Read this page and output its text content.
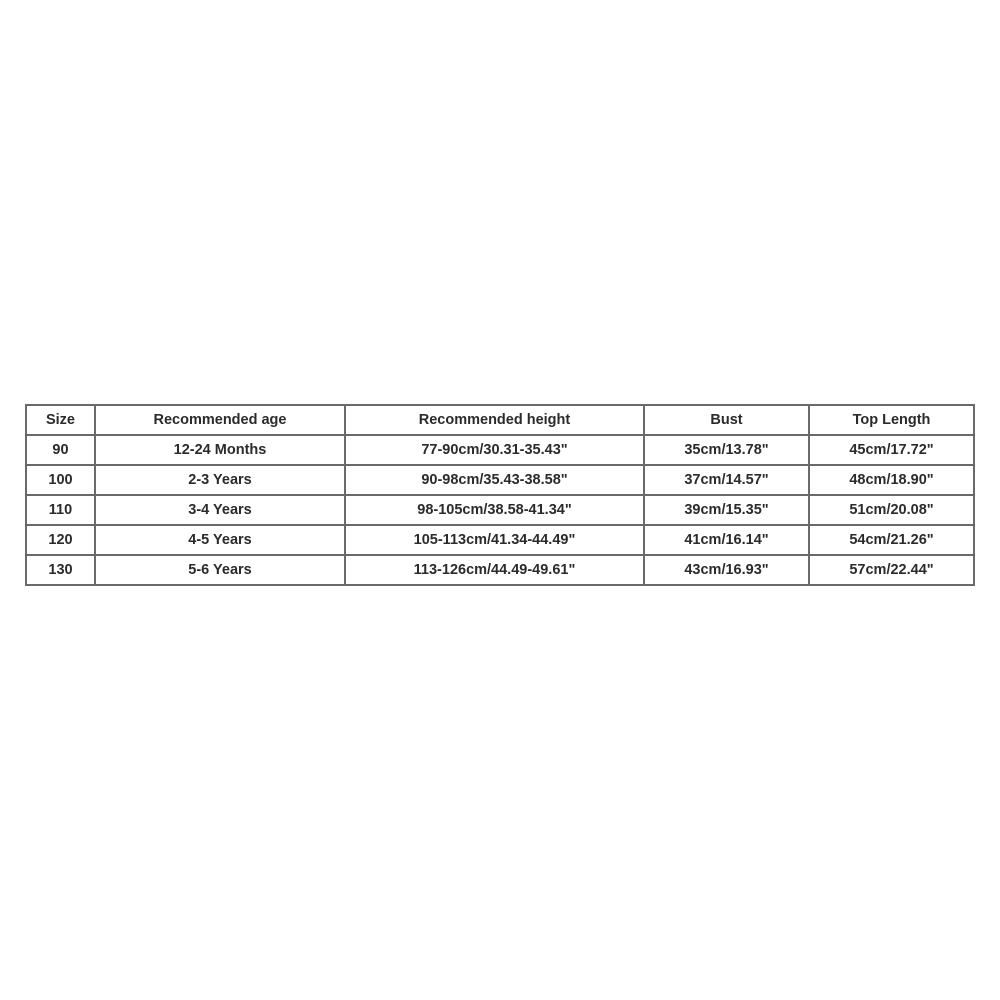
Size	Recommended age	Recommended height	Bust	Top Length
90	12-24 Months	77-90cm/30.31-35.43"	35cm/13.78"	45cm/17.72"
100	2-3 Years	90-98cm/35.43-38.58"	37cm/14.57"	48cm/18.90"
110	3-4 Years	98-105cm/38.58-41.34"	39cm/15.35"	51cm/20.08"
120	4-5 Years	105-113cm/41.34-44.49"	41cm/16.14"	54cm/21.26"
130	5-6 Years	113-126cm/44.49-49.61"	43cm/16.93"	57cm/22.44"
